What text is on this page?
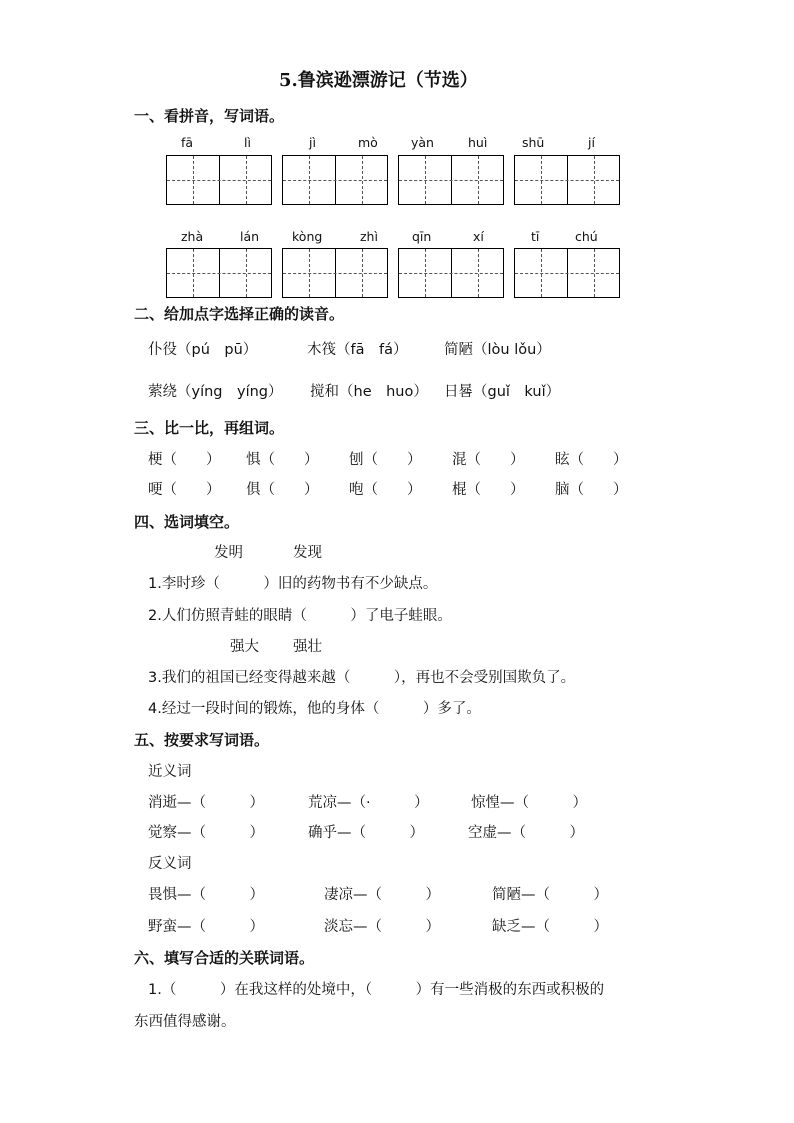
5.鲁滨逊漂游记（节选）
一、看拼音，写词语。
fā	lì	jì	mò	yàn	huì	shū	jí
zhà	lán	kòng	zhì	qīn	xí	tī	chú
二、给加点字选择正确的读音。
仆役（pú　pū）	木筏（fā　fá）	简陋（lòu lǒu）
萦绕（yíng　yíng） 搅和（he　huo） 日晷（guǐ　kuǐ）
三、比一比，再组词。
梗（　　） 惧（　　） 刨（　　） 混（　　） 眩（　　）
哽（　　） 俱（　　） 咆（　　） 棍（　　） 脑（　　）
四、选词填空。
发明	发现
1.李时珍（　　　）旧的药物书有不少缺点。
2.人们仿照青蛙的眼睛（　　　）了电子蛙眼。
强大 强壮
3.我们的祖国已经变得越来越（　　　），再也不会受别国欺负了。
4.经过一段时间的锻炼，他的身体（　　　）多了。
五、按要求写词语。
近义词
消逝—（　　　）	荒凉—（·　　　）	惊惶—（　　　）
觉察—（　　　）	确乎—（　　　）	空虚—（　　　）
反义词
畏惧—（　　　）	凄凉—（　　　）	简陋—（　　　）
野蛮—（　　　）	淡忘—（　　　）	缺乏—（　　　）
六、填写合适的关联词语。
1.（　　　）在我这样的处境中，（　　　）有一些消极的东西或积极的
东西值得感谢。
